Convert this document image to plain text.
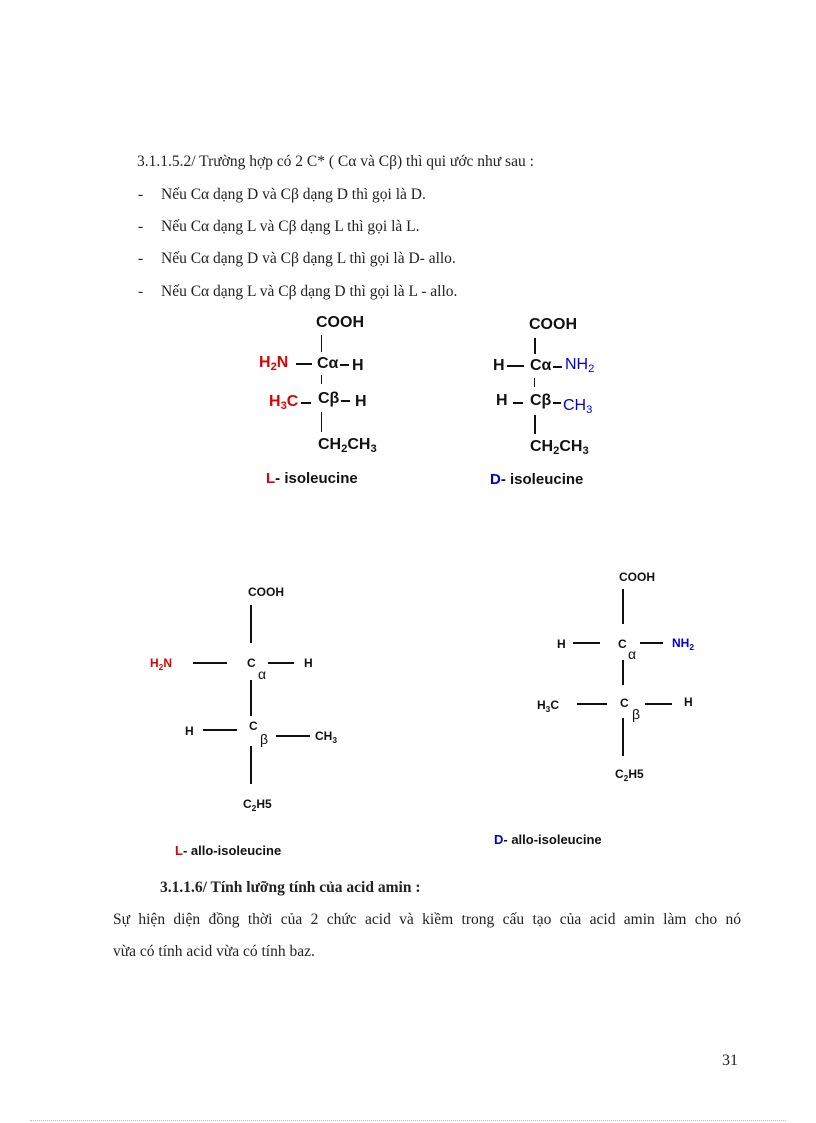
3.1.1.5.2/ Trường hợp có 2 C* ( Cα và Cβ) thì qui ước như sau :
- Nếu Cα dạng D và Cβ dạng D thì gọi là D.
- Nếu Cα dạng L và Cβ dạng L thì gọi là L.
- Nếu Cα dạng D và Cβ dạng L thì gọi là D- allo.
- Nếu Cα dạng L và Cβ dạng D thì gọi là L - allo.
COOH
$H_2N$ Cα H
$H_3C$ Cβ H
$CH_2CH_3$
L- isoleucine
COOH
H Cα $NH_2$
H Cβ $CH_3$
$CH_2CH_3$
D- isoleucine
COOH
$H_2N$	C
α
H
H	C
β	$CH_3$
$C_2H5$
L- allo-isoleucine
COOH
H	C
α
$NH_2$
$H_3C$	C
β
H
$C_2H5$
D- allo-isoleucine
3.1.1.6/ Tính lưỡng tính của acid amin :
Sự hiện diện đồng thời của 2 chức acid và kiềm trong cấu tạo của acid amin làm cho nó
vừa có tính acid vừa có tính baz.
31
